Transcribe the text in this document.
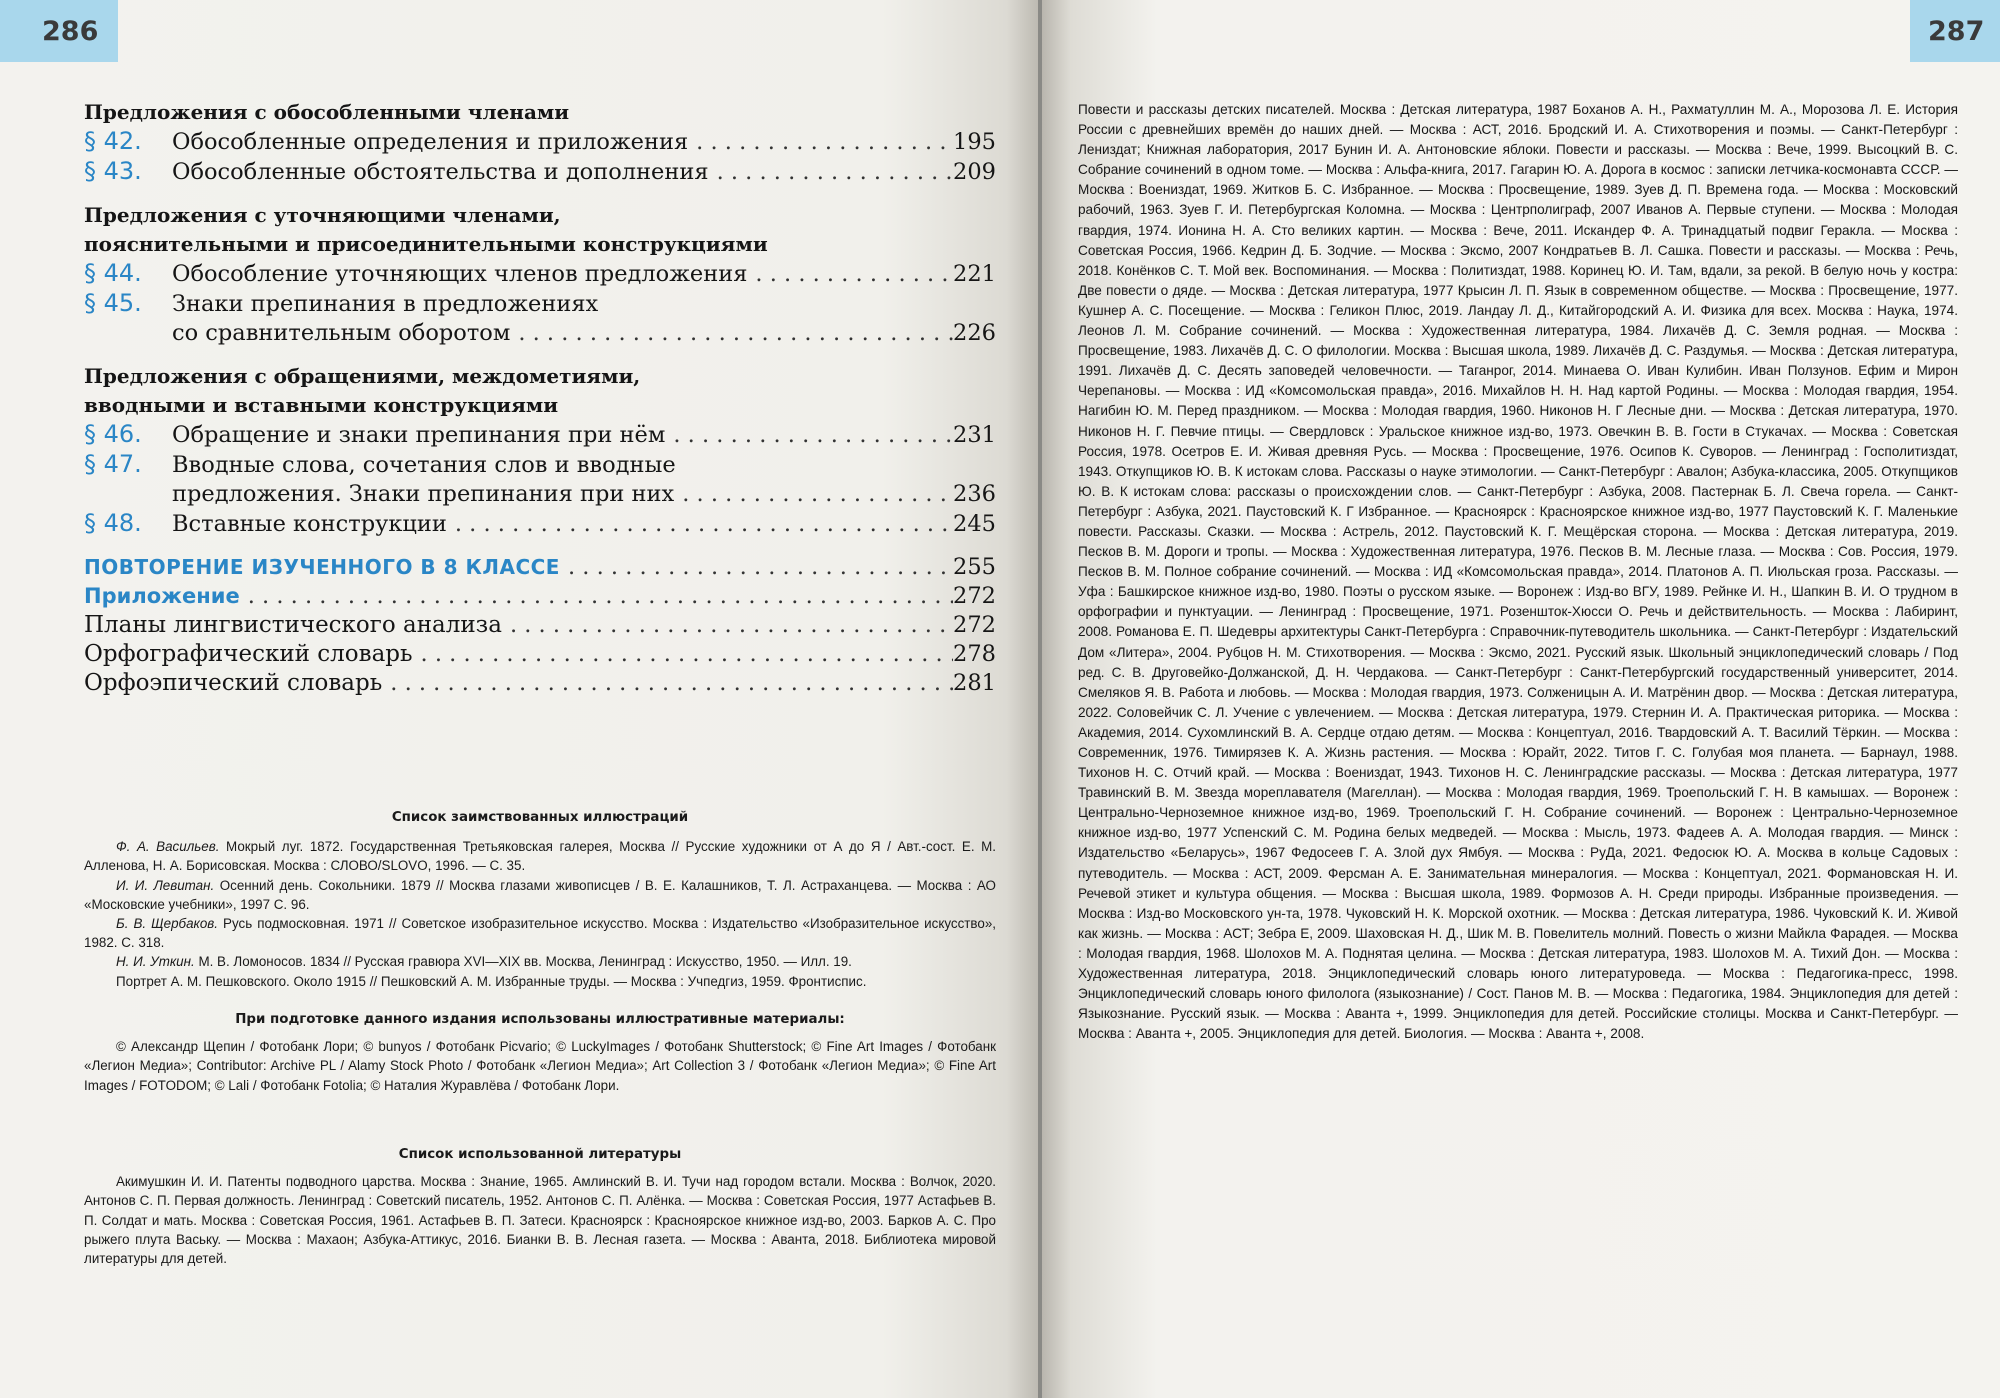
286

Предложения с обособленными членами

§ 42.	Обособленные определения и приложения . . .	195
§ 43.	Обособленные обстоятельства и дополнения . . .	209

Предложения с уточняющими членами,

пояснительными и присоединительными конструкциями

§ 44.	Обособление уточняющих членов предложения . . .	221
§ 45.	Знаки препинания в предложениях
со сравнительным оборотом . . .	226

Предложения с обращениями, междометиями,

вводными и вставными конструкциями

§ 46.	Обращение и знаки препинания при нём . . .	231
§ 47.	Вводные слова, сочетания слов и вводные
предложения. Знаки препинания при них . . .	236
§ 48.	Вставные конструкции . . .	245
ПОВТОРЕНИЕ ИЗУЧЕННОГО В 8 КЛАССЕ . . .	255
Приложение . . .	272
Планы лингвистического анализа . . .	272
Орфографический словарь . . .	278
Орфоэпический словарь . . .	281

Список заимствованных иллюстраций

Ф. А. Васильев. Мокрый луг. 1872. Государственная Третьяковская галерея, Москва // Русские художники от А до Я / Авт.-сост. Е. М. Алленова, Н. А. Борисовская. Москва : СЛОВО/SLOVO, 1996. — С. 35.

И. И. Левитан. Осенний день. Сокольники. 1879 // Москва глазами живописцев / В. Е. Калашников, Т. Л. Астраханцева. — Москва : АО «Московские учебники», 1997 С. 96.

Б. В. Щербаков. Русь подмосковная. 1971 // Советское изобразительное искусство. Москва : Издательство «Изобразительное искусство», 1982. С. 318.

Н. И. Уткин. М. В. Ломоносов. 1834 // Русская гравюра XVI—XIX вв. Москва, Ленинград : Искусство, 1950. — Илл. 19.

Портрет А. М. Пешковского. Около 1915 // Пешковский А. М. Избранные труды. — Москва : Учпедгиз, 1959. Фронтиспис.

При подготовке данного издания использованы иллюстративные материалы:

© Александр Щепин / Фотобанк Лори; © bunyos / Фотобанк Picvario; © LuckyImages / Фотобанк Shutterstock; © Fine Art Images / Фотобанк «Легион Медиа»; Contributor: Archive PL / Alamy Stock Photo / Фотобанк «Легион Медиа»; Art Collection 3 / Фотобанк «Легион Медиа»; © Fine Art Images / FOTODOM; © Lali / Фотобанк Fotolia; © Наталия Журавлёва / Фотобанк Лори.

Список использованной литературы

Акимушкин И. И. Патенты подводного царства. Москва : Знание, 1965. Амлинский В. И. Тучи над городом встали. Москва : Волчок, 2020. Антонов С. П. Первая должность. Ленинград : Советский писатель, 1952. Антонов С. П. Алёнка. — Москва : Советская Россия, 1977 Астафьев В. П. Солдат и мать. Москва : Советская Россия, 1961. Астафьев В. П. Затеси. Красноярск : Красноярское книжное изд-во, 2003. Барков А. С. Про рыжего плута Ваську. — Москва : Махаон; Азбука-Аттикус, 2016. Бианки В. В. Лесная газета. — Москва : Аванта, 2018. Библиотека мировой литературы для детей.

287

Повести и рассказы детских писателей. Москва : Детская литература, 1987 Боханов А. Н., Рахматуллин М. А., Морозова Л. Е. История России с древнейших времён до наших дней. — Москва : АСТ, 2016. Бродский И. А. Стихотворения и поэмы. — Санкт-Петербург : Лениздат; Книжная лаборатория, 2017 Бунин И. А. Антоновские яблоки. Повести и рассказы. — Москва : Вече, 1999. Высоцкий В. С. Собрание сочинений в одном томе. — Москва : Альфа-книга, 2017. Гагарин Ю. А. Дорога в космос : записки летчика-космонавта СССР. — Москва : Воениздат, 1969. Житков Б. С. Избранное. — Москва : Просвещение, 1989. Зуев Д. П. Времена года. — Москва : Московский рабочий, 1963. Зуев Г. И. Петербургская Коломна. — Москва : Центрполиграф, 2007 Иванов А. Первые ступени. — Москва : Молодая гвардия, 1974. Ионина Н. А. Сто великих картин. — Москва : Вече, 2011. Искандер Ф. А. Тринадцатый подвиг Геракла. — Москва : Советская Россия, 1966. Кедрин Д. Б. Зодчие. — Москва : Эксмо, 2007 Кондратьев В. Л. Сашка. Повести и рассказы. — Москва : Речь, 2018. Конёнков С. Т. Мой век. Воспоминания. — Москва : Политиздат, 1988. Коринец Ю. И. Там, вдали, за рекой. В белую ночь у костра: Две повести о дяде. — Москва : Детская литература, 1977 Крысин Л. П. Язык в современном обществе. — Москва : Просвещение, 1977. Кушнер А. С. Посещение. — Москва : Геликон Плюс, 2019. Ландау Л. Д., Китайгородский А. И. Физика для всех. Москва : Наука, 1974. Леонов Л. М. Собрание сочинений. — Москва : Художественная литература, 1984. Лихачёв Д. С. Земля родная. — Москва : Просвещение, 1983. Лихачёв Д. С. О филологии. Москва : Высшая школа, 1989. Лихачёв Д. С. Раздумья. — Москва : Детская литература, 1991. Лихачёв Д. С. Десять заповедей человечности. — Таганрог, 2014. Минаева О. Иван Кулибин. Иван Ползунов. Ефим и Мирон Черепановы. — Москва : ИД «Комсомольская правда», 2016. Михайлов Н. Н. Над картой Родины. — Москва : Молодая гвардия, 1954. Нагибин Ю. М. Перед праздником. — Москва : Молодая гвардия, 1960. Никонов Н. Г Лесные дни. — Москва : Детская литература, 1970. Никонов Н. Г. Певчие птицы. — Свердловск : Уральское книжное изд-во, 1973. Овечкин В. В. Гости в Стукачах. — Москва : Советская Россия, 1978. Осетров Е. И. Живая древняя Русь. — Москва : Просвещение, 1976. Осипов К. Суворов. — Ленинград : Госполитиздат, 1943. Откупщиков Ю. В. К истокам слова. Рассказы о науке этимологии. — Санкт-Петербург : Авалон; Азбука-классика, 2005. Откупщиков Ю. В. К истокам слова: рассказы о происхождении слов. — Санкт-Петербург : Азбука, 2008. Пастернак Б. Л. Свеча горела. — Санкт-Петербург : Азбука, 2021. Паустовский К. Г Избранное. — Красноярск : Красноярское книжное изд-во, 1977 Паустовский К. Г. Маленькие повести. Рассказы. Сказки. — Москва : Астрель, 2012. Паустовский К. Г. Мещёрская сторона. — Москва : Детская литература, 2019. Песков В. М. Дороги и тропы. — Москва : Художественная литература, 1976. Песков В. М. Лесные глаза. — Москва : Сов. Россия, 1979. Песков В. М. Полное собрание сочинений. — Москва : ИД «Комсомольская правда», 2014. Платонов А. П. Июльская гроза. Рассказы. — Уфа : Башкирское книжное изд-во, 1980. Поэты о русском языке. — Воронеж : Изд-во ВГУ, 1989. Рейнке И. Н., Шапкин В. И. О трудном в орфографии и пунктуации. — Ленинград : Просвещение, 1971. Розеншток-Хюсси О. Речь и действительность. — Москва : Лабиринт, 2008. Романова Е. П. Шедевры архитектуры Санкт-Петербурга : Справочник-путеводитель школьника. — Санкт-Петербург : Издательский Дом «Литера», 2004. Рубцов Н. М. Стихотворения. — Москва : Эксмо, 2021. Русский язык. Школьный энциклопедический словарь / Под ред. С. В. Друговейко-Должанской, Д. Н. Чердакова. — Санкт-Петербург : Санкт-Петербургский государственный университет, 2014. Смеляков Я. В. Работа и любовь. — Москва : Молодая гвардия, 1973. Солженицын А. И. Матрёнин двор. — Москва : Детская литература, 2022. Соловейчик С. Л. Учение с увлечением. — Москва : Детская литература, 1979. Стернин И. А. Практическая риторика. — Москва : Академия, 2014. Сухомлинский В. А. Сердце отдаю детям. — Москва : Концептуал, 2016. Твардовский А. Т. Василий Тёркин. — Москва : Современник, 1976. Тимирязев К. А. Жизнь растения. — Москва : Юрайт, 2022. Титов Г. С. Голубая моя планета. — Барнаул, 1988. Тихонов Н. С. Отчий край. — Москва : Воениздат, 1943. Тихонов Н. С. Ленинградские рассказы. — Москва : Детская литература, 1977 Травинский В. М. Звезда мореплавателя (Магеллан). — Москва : Молодая гвардия, 1969. Троепольский Г. Н. В камышах. — Воронеж : Центрально-Черноземное книжное изд-во, 1969. Троепольский Г. Н. Собрание сочинений. — Воронеж : Центрально-Черноземное книжное изд-во, 1977 Успенский С. М. Родина белых медведей. — Москва : Мысль, 1973. Фадеев А. А. Молодая гвардия. — Минск : Издательство «Беларусь», 1967 Федосеев Г. А. Злой дух Ямбуя. — Москва : РуДа, 2021. Федосюк Ю. А. Москва в кольце Садовых : путеводитель. — Москва : АСТ, 2009. Ферсман А. Е. Занимательная минералогия. — Москва : Концептуал, 2021. Формановская Н. И. Речевой этикет и культура общения. — Москва : Высшая школа, 1989. Формозов А. Н. Среди природы. Избранные произведения. — Москва : Изд-во Московского ун-та, 1978. Чуковский Н. К. Морской охотник. — Москва : Детская литература, 1986. Чуковский К. И. Живой как жизнь. — Москва : АСТ; Зебра Е, 2009. Шаховская Н. Д., Шик М. В. Повелитель молний. Повесть о жизни Майкла Фарадея. — Москва : Молодая гвардия, 1968. Шолохов М. А. Поднятая целина. — Москва : Детская литература, 1983. Шолохов М. А. Тихий Дон. — Москва : Художественная литература, 2018. Энциклопедический словарь юного литературоведа. — Москва : Педагогика-пресс, 1998. Энциклопедический словарь юного филолога (языкознание) / Сост. Панов М. В. — Москва : Педагогика, 1984. Энциклопедия для детей : Языкознание. Русский язык. — Москва : Аванта +, 1999. Энциклопедия для детей. Российские столицы. Москва и Санкт-Петербург. — Москва : Аванта +, 2005. Энциклопедия для детей. Биология. — Москва : Аванта +, 2008.
